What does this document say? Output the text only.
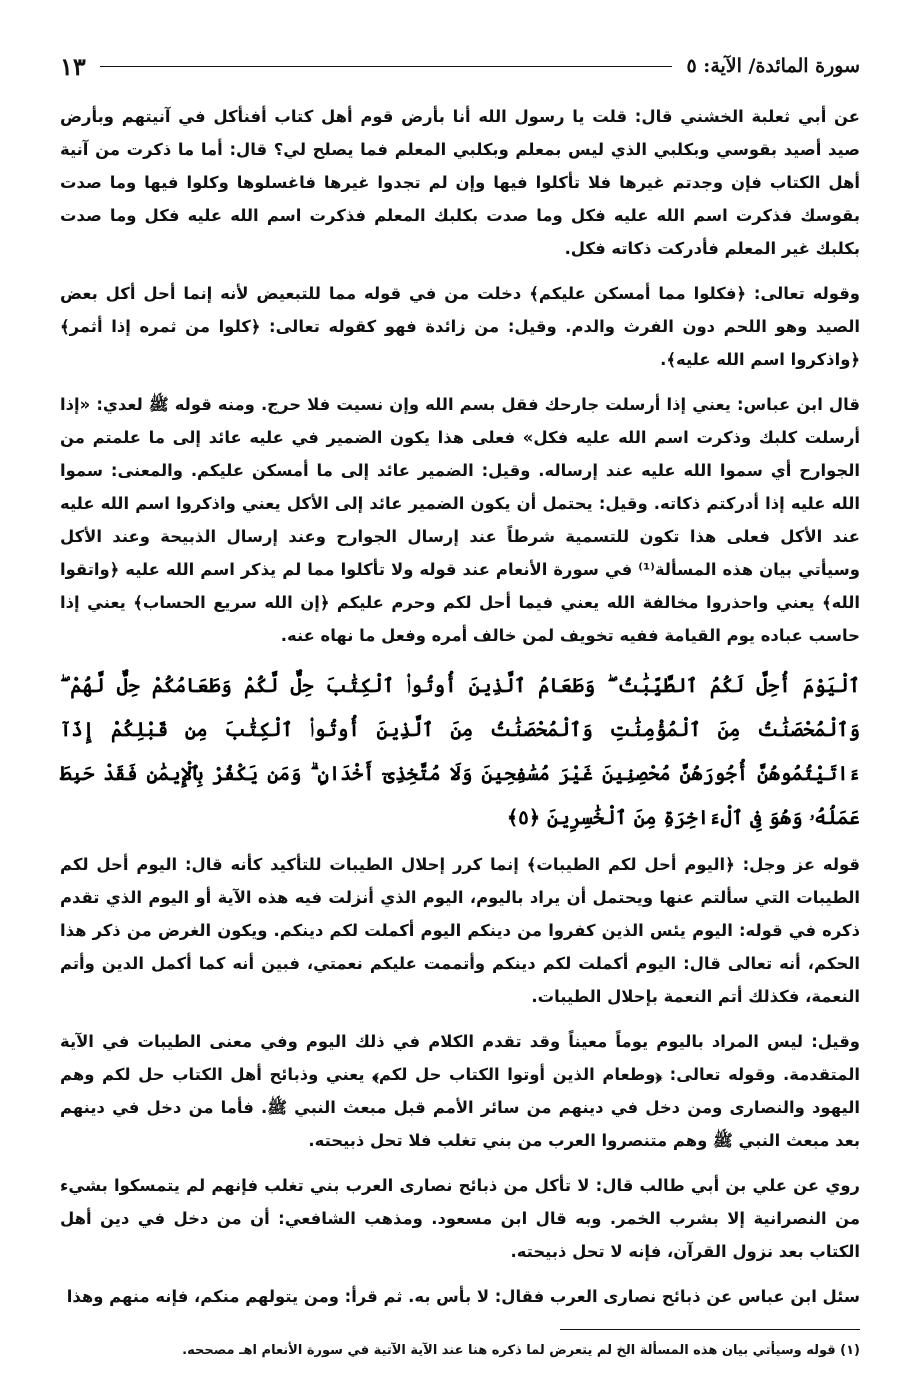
سورة المائدة/ الآية: ٥
١٣

عن أبي ثعلبة الخشني قال: قلت يا رسول الله أنا بأرض قوم أهل كتاب أفنأكل في آنيتهم وبأرض صيد أصيد بقوسي وبكلبي الذي ليس بمعلم وبكلبي المعلم فما يصلح لي؟ قال: أما ما ذكرت من آنية أهل الكتاب فإن وجدتم غيرها فلا تأكلوا فيها وإن لم تجدوا غيرها فاغسلوها وكلوا فيها وما صدت بقوسك فذكرت اسم الله عليه فكل وما صدت بكلبك المعلم فذكرت اسم الله عليه فكل وما صدت بكلبك غير المعلم فأدركت ذكاته فكل.

وقوله تعالى: ﴿فكلوا مما أمسكن عليكم﴾ دخلت من في قوله مما للتبعيض لأنه إنما أحل أكل بعض الصيد وهو اللحم دون الفرث والدم. وقيل: من زائدة فهو كقوله تعالى: ﴿كلوا من ثمره إذا أثمر﴾ ﴿واذكروا اسم الله عليه﴾.

قال ابن عباس: يعني إذا أرسلت جارحك فقل بسم الله وإن نسيت فلا حرج. ومنه قوله ﷺ لعدي: «إذا أرسلت كلبك وذكرت اسم الله عليه فكل» فعلى هذا يكون الضمير في عليه عائد إلى ما علمتم من الجوارح أي سموا الله عليه عند إرساله. وقيل: الضمير عائد إلى ما أمسكن عليكم. والمعنى: سموا الله عليه إذا أدركتم ذكاته. وقيل: يحتمل أن يكون الضمير عائد إلى الأكل يعني واذكروا اسم الله عليه عند الأكل فعلى هذا تكون للتسمية شرطاً عند إرسال الجوارح وعند إرسال الذبيحة وعند الأكل وسيأتي بيان هذه المسألة⁽¹⁾ في سورة الأنعام عند قوله ولا تأكلوا مما لم يذكر اسم الله عليه ﴿واتقوا الله﴾ يعني واحذروا مخالفة الله يعني فيما أحل لكم وحرم عليكم ﴿إن الله سريع الحساب﴾ يعني إذا حاسب عباده يوم القيامة ففيه تخويف لمن خالف أمره وفعل ما نهاه عنه.

ٱلْيَوْمَ أُحِلَّ لَكُمُ ٱلطَّيِّبَٰتُ ۖ وَطَعَامُ ٱلَّذِينَ أُوتُوا۟ ٱلْكِتَٰبَ حِلٌّ لَّكُمْ وَطَعَامُكُمْ حِلٌّ لَّهُمْ ۖ وَٱلْمُحْصَنَٰتُ مِنَ ٱلْمُؤْمِنَٰتِ وَٱلْمُحْصَنَٰتُ مِنَ ٱلَّذِينَ أُوتُوا۟ ٱلْكِتَٰبَ مِن قَبْلِكُمْ إِذَآ ءَاتَيْتُمُوهُنَّ أُجُورَهُنَّ مُحْصِنِينَ غَيْرَ مُسَٰفِحِينَ وَلَا مُتَّخِذِىٓ أَخْدَانٍ ۗ وَمَن يَكْفُرْ بِٱلْإِيمَٰنِ فَقَدْ حَبِطَ عَمَلُهُۥ وَهُوَ فِى ٱلْءَاخِرَةِ مِنَ ٱلْخَٰسِرِينَ ﴿٥﴾

قوله عز وجل: ﴿اليوم أحل لكم الطيبات﴾ إنما كرر إحلال الطيبات للتأكيد كأنه قال: اليوم أحل لكم الطيبات التي سألتم عنها ويحتمل أن يراد باليوم، اليوم الذي أنزلت فيه هذه الآية أو اليوم الذي تقدم ذكره في قوله: اليوم يئس الذين كفروا من دينكم اليوم أكملت لكم دينكم. ويكون الغرض من ذكر هذا الحكم، أنه تعالى قال: اليوم أكملت لكم دينكم وأتممت عليكم نعمتي، فبين أنه كما أكمل الدين وأتم النعمة، فكذلك أتم النعمة بإحلال الطيبات.

وقيل: ليس المراد باليوم يوماً معيناً وقد تقدم الكلام في ذلك اليوم وفي معنى الطيبات في الآية المتقدمة. وقوله تعالى: ﴿وطعام الذين أوتوا الكتاب حل لكم﴾ يعني وذبائح أهل الكتاب حل لكم وهم اليهود والنصارى ومن دخل في دينهم من سائر الأمم قبل مبعث النبي ﷺ. فأما من دخل في دينهم بعد مبعث النبي ﷺ وهم متنصروا العرب من بني تغلب فلا تحل ذبيحته.

روي عن علي بن أبي طالب قال: لا تأكل من ذبائح نصارى العرب بني تغلب فإنهم لم يتمسكوا بشيء من النصرانية إلا بشرب الخمر. وبه قال ابن مسعود. ومذهب الشافعي: أن من دخل في دين أهل الكتاب بعد نزول القرآن، فإنه لا تحل ذبيحته.

سئل ابن عباس عن ذبائح نصارى العرب فقال: لا بأس به. ثم قرأ: ومن يتولهم منكم، فإنه منهم وهذا

(١) قوله وسيأتي بيان هذه المسألة الخ لم يتعرض لما ذكره هنا عند الآية الآتية في سورة الأنعام اهـ مصححه.
